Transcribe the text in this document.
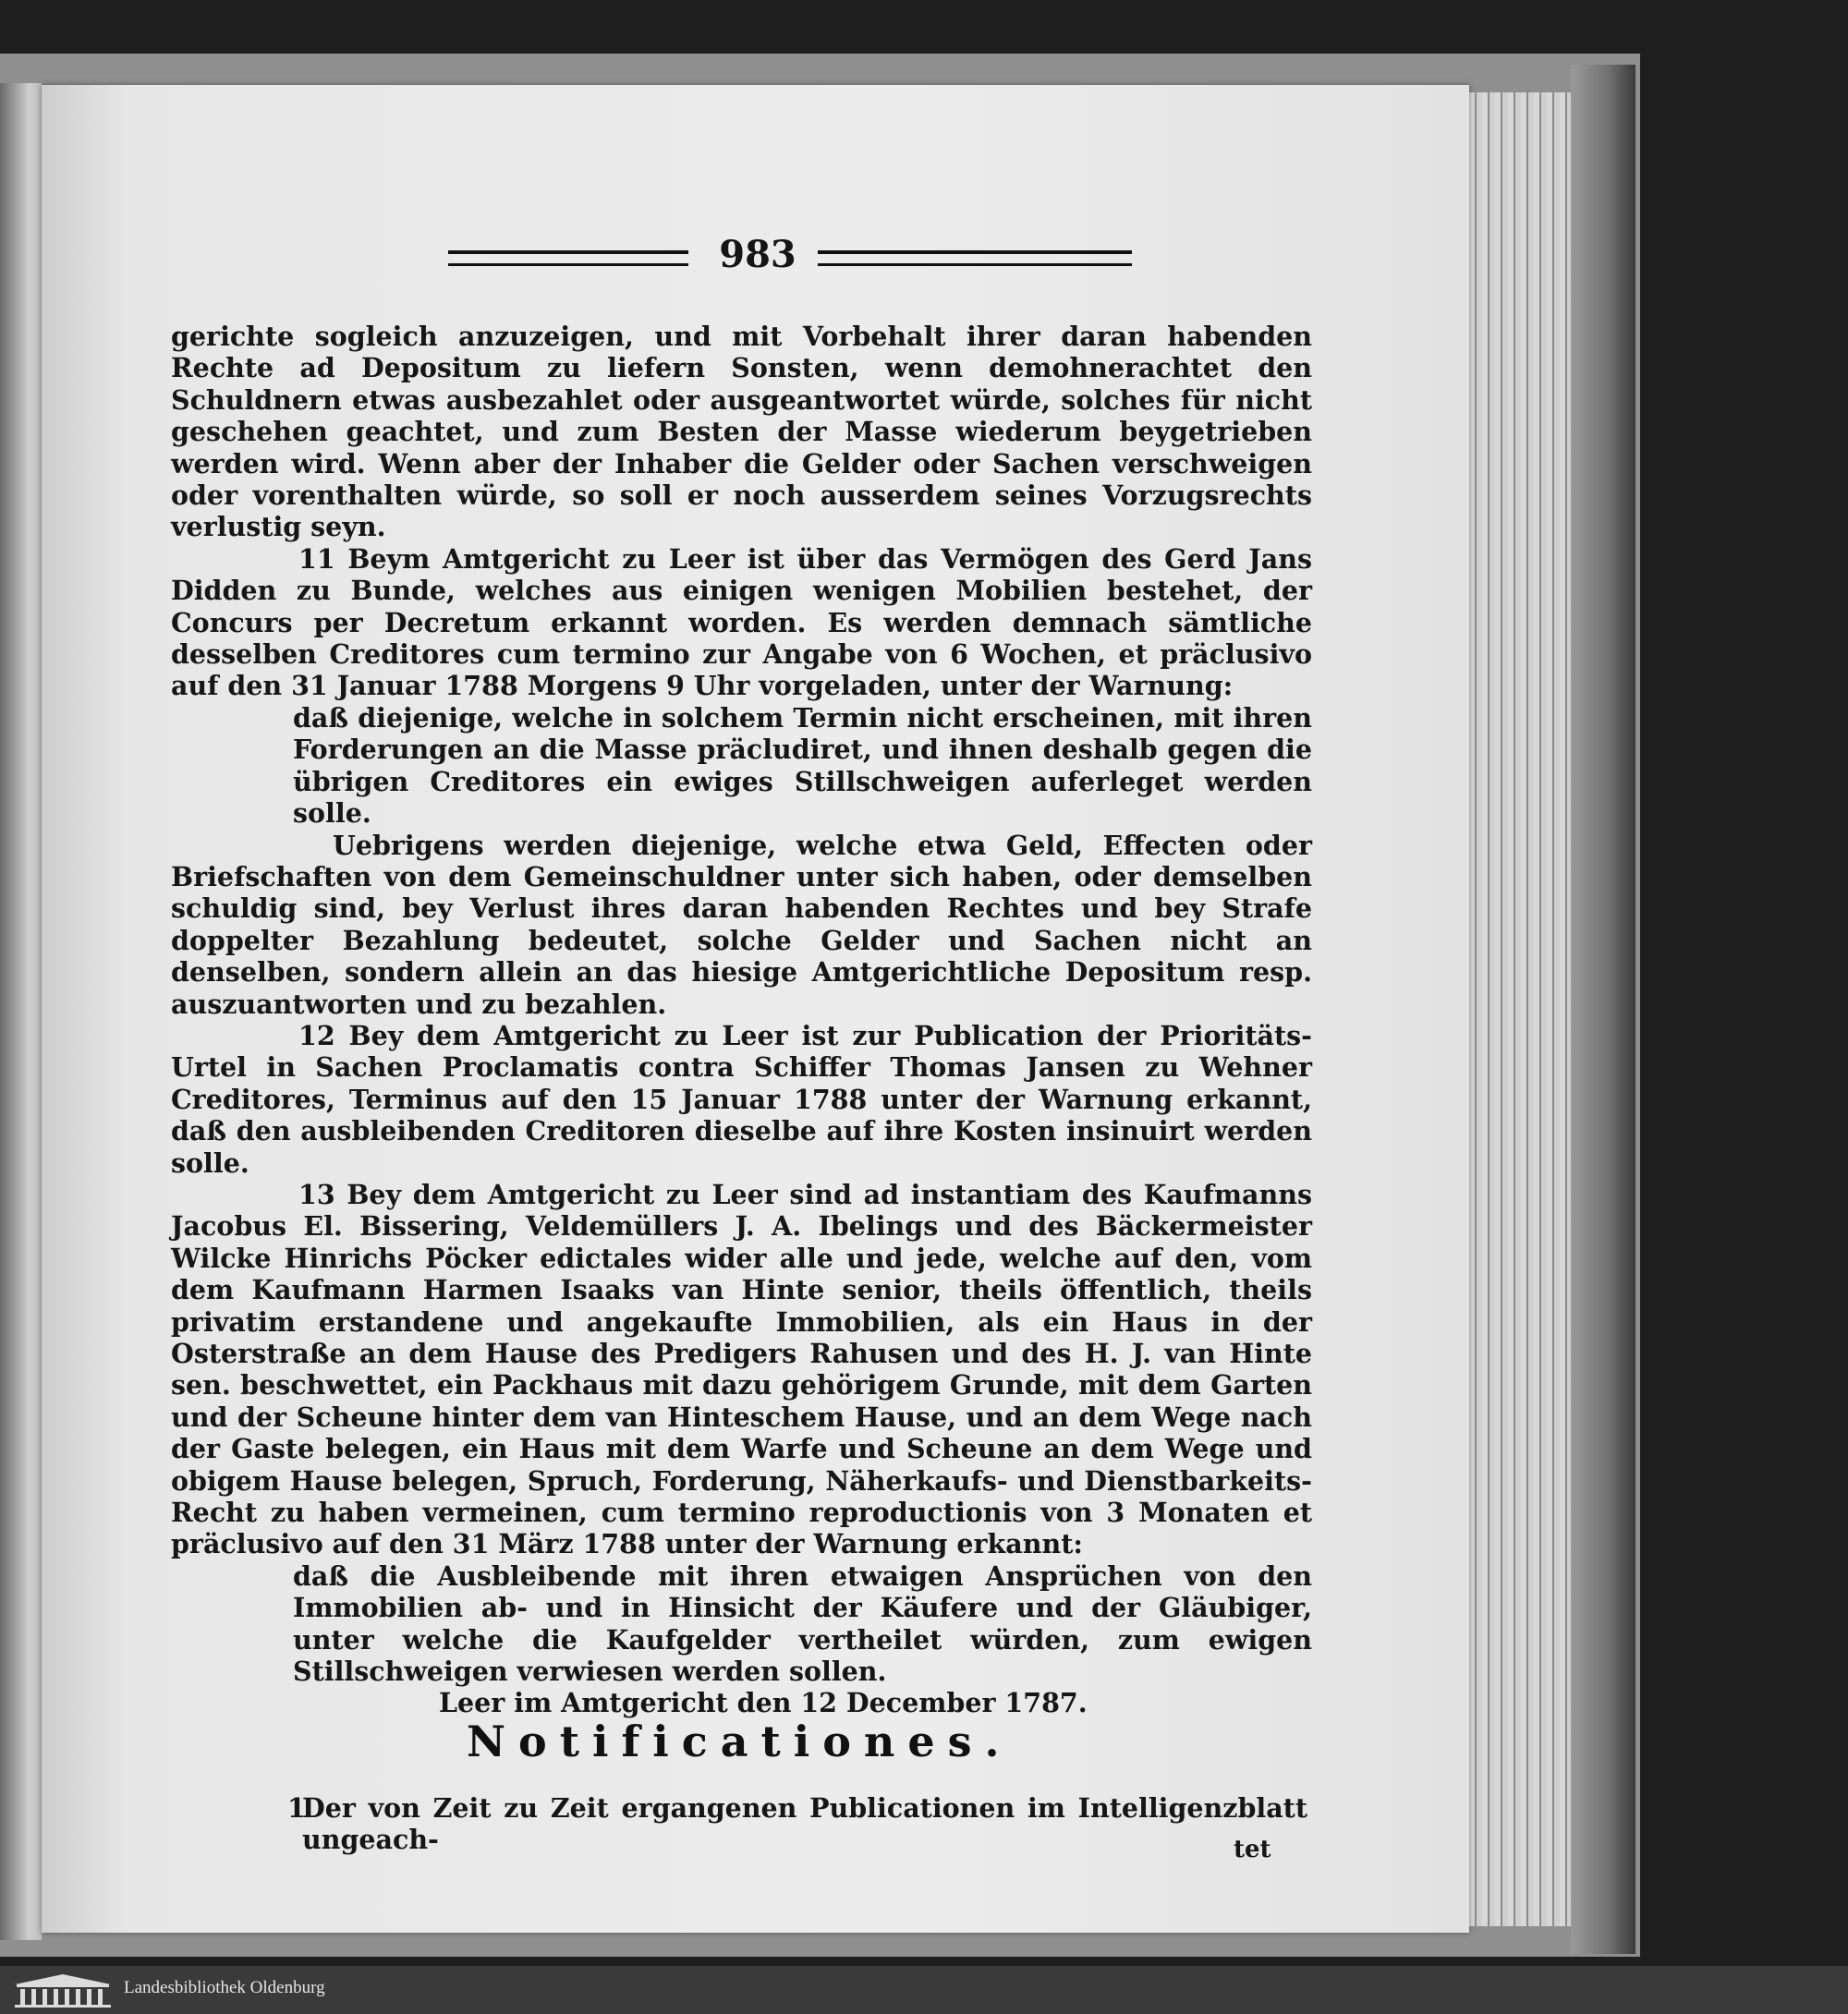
983

gerichte sogleich anzuzeigen, und mit Vorbehalt ihrer daran habenden Rechte ad Depositum zu liefern Sonsten, wenn demohnerachtet den Schuldnern etwas ausbezahlet oder ausgeantwortet würde, solches für nicht geschehen geachtet, und zum Besten der Masse wiederum beygetrieben werden wird. Wenn aber der Inhaber die Gelder oder Sachen verschweigen oder vorenthalten würde, so soll er noch ausserdem seines Vorzugsrechts verlustig seyn.

11 Beym Amtgericht zu Leer ist über das Vermögen des Gerd Jans Didden zu Bunde, welches aus einigen wenigen Mobilien bestehet, der Concurs per Decretum erkannt worden. Es werden demnach sämtliche desselben Creditores cum termino zur Angabe von 6 Wochen, et präclusivo auf den 31 Januar 1788 Morgens 9 Uhr vorgeladen, unter der Warnung:

daß diejenige, welche in solchem Termin nicht erscheinen, mit ihren Forderungen an die Masse präcludiret, und ihnen deshalb gegen die übrigen Creditores ein ewiges Stillschweigen auferleget werden solle.

Uebrigens werden diejenige, welche etwa Geld, Effecten oder Briefschaften von dem Gemeinschuldner unter sich haben, oder demselben schuldig sind, bey Verlust ihres daran habenden Rechtes und bey Strafe doppelter Bezahlung bedeutet, solche Gelder und Sachen nicht an denselben, sondern allein an das hiesige Amtgerichtliche Depositum resp. auszuantworten und zu bezahlen.

12 Bey dem Amtgericht zu Leer ist zur Publication der Prioritäts-Urtel in Sachen Proclamatis contra Schiffer Thomas Jansen zu Wehner Creditores, Terminus auf den 15 Januar 1788 unter der Warnung erkannt, daß den ausbleibenden Creditoren dieselbe auf ihre Kosten insinuirt werden solle.

13 Bey dem Amtgericht zu Leer sind ad instantiam des Kaufmanns Jacobus El. Bissering, Veldemüllers J. A. Ibelings und des Bäckermeister Wilcke Hinrichs Pöcker edictales wider alle und jede, welche auf den, vom dem Kaufmann Harmen Isaaks van Hinte senior, theils öffentlich, theils privatim erstandene und angekaufte Immobilien, als ein Haus in der Osterstraße an dem Hause des Predigers Rahusen und des H. J. van Hinte sen. beschwettet, ein Packhaus mit dazu gehörigem Grunde, mit dem Garten und der Scheune hinter dem van Hinteschem Hause, und an dem Wege nach der Gaste belegen, ein Haus mit dem Warfe und Scheune an dem Wege und obigem Hause belegen, Spruch, Forderung, Näherkaufs- und Dienstbarkeits-Recht zu haben vermeinen, cum termino reproductionis von 3 Monaten et präclusivo auf den 31 März 1788 unter der Warnung erkannt:

daß die Ausbleibende mit ihren etwaigen Ansprüchen von den Immobilien ab- und in Hinsicht der Käufere und der Gläubiger, unter welche die Kaufgelder vertheilet würden, zum ewigen Stillschweigen verwiesen werden sollen.

Leer im Amtgericht den 12 December 1787.

Notificationes.
1
Der von Zeit zu Zeit ergangenen Publicationen im Intelligenzblatt ungeach-	tet
Landesbibliothek Oldenburg
